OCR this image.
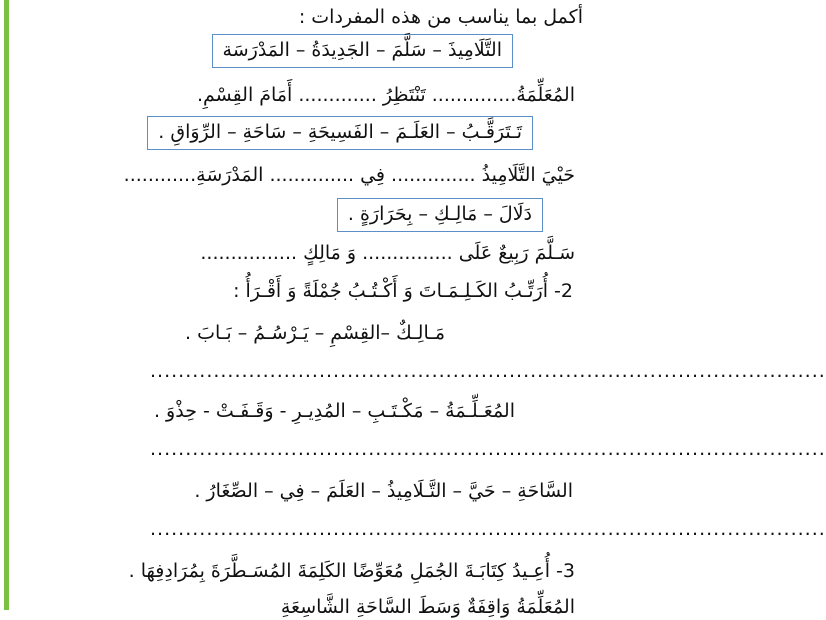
أكمل بما يناسب من هذه المفردات :
التَّلَامِيذَ – سَلَّمَ – الجَدِيدَةُ – المَدْرَسَة
المُعَلِّمَةُ.............. تَنْتَظِرُ ............. أَمَامَ القِسْمِ.
تَـتَرَقَّـبُ – العَلَـمَ – الفَسِيحَةِ – سَاحَةِ – الرِّوَاقِ .
حَيْيَ التَّلَامِيذُ .............. فِي .............. المَدْرَسَةِ............
دَلَالَ – مَالِـكِ – بِحَرَارَةٍ .
سَـلَّمَ رَبِيعٌ عَلَى ............... وَ مَالِكٍ ................
2- أُرَتِّـبُ الكَـلِـمَـاتَ وَ أَكْـتُـبُ جُمْلَةً وَ أَقْـرَأُ :
مَـالِـكٌ –القِسْمِ – يَـرْسُـمُ – بَـابَ .
................................................................................................
المُعَـلِّـمَةُ – مَكْـتَـبِ – المُدِيـرِ - وَقَـفَـتْ - حِذْوَ .
................................................................................................
السَّاحَةِ – حَيَّ – التَّـلَامِيذُ – العَلَمَ – فِي – الصِّغَارُ .
................................................................................................
3- أُعِـيدُ كِتَابَـةَ الجُمَلِ مُعَوِّضًا الكَلِمَةَ المُسَـطَّرَةَ بِمُرَادِفِهَا .
المُعَلِّمَةُ وَاقِفَةٌ وَسَطَ السَّاحَةِ الشَّاسِعَةِ
